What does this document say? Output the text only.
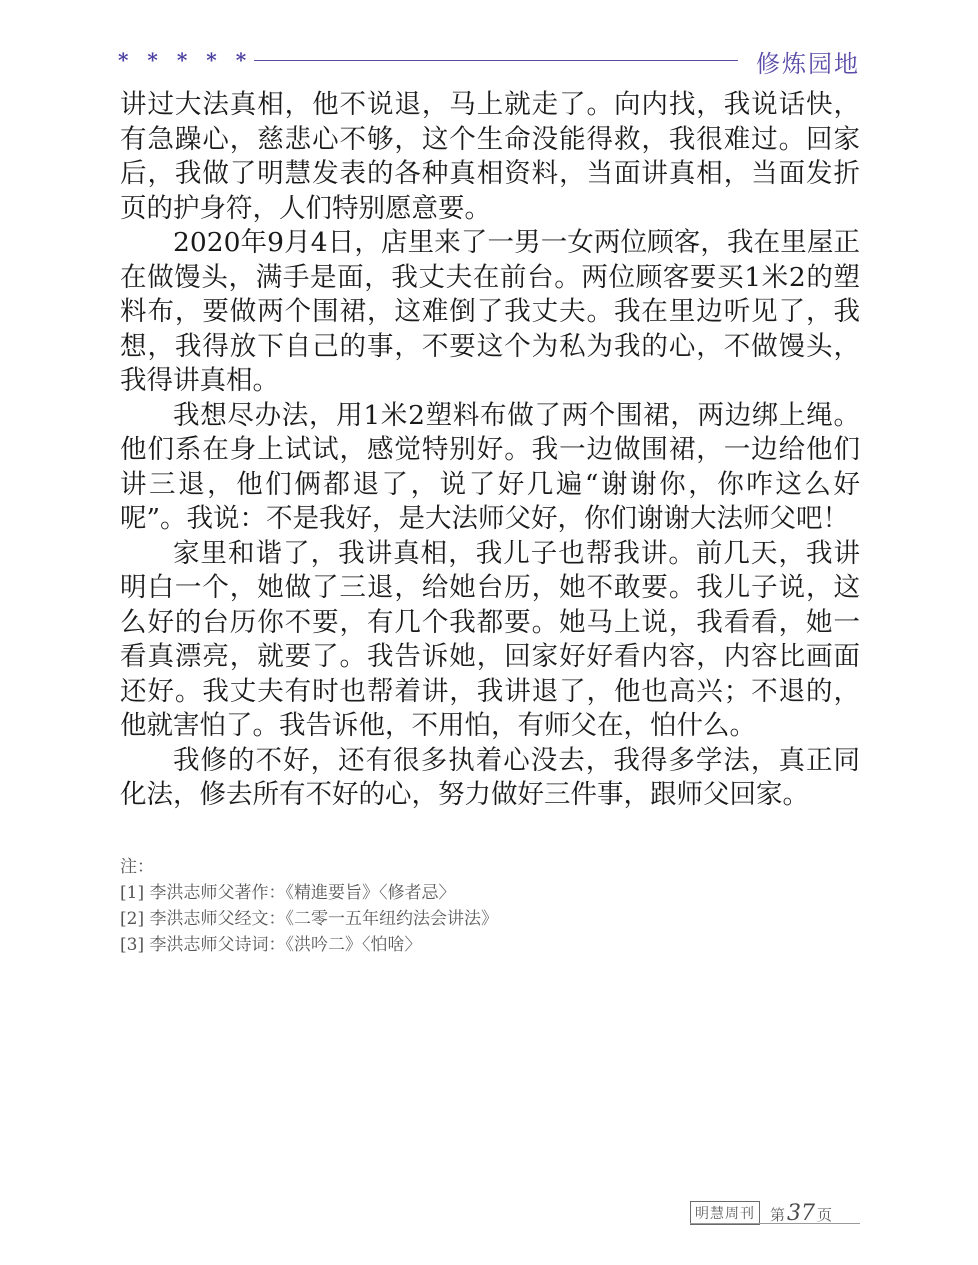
* * * * *	修炼园地

讲过大法真相，他不说退，马上就走了。向内找，我说话快，有急躁心，慈悲心不够，这个生命没能得救，我很难过。回家后，我做了明慧发表的各种真相资料，当面讲真相，当面发折页的护身符，人们特别愿意要。

2020年9月4日，店里来了一男一女两位顾客，我在里屋正在做馒头，满手是面，我丈夫在前台。两位顾客要买1米2的塑料布，要做两个围裙，这难倒了我丈夫。我在里边听见了，我想，我得放下自己的事，不要这个为私为我的心，不做馒头，我得讲真相。

我想尽办法，用1米2塑料布做了两个围裙，两边绑上绳。他们系在身上试试，感觉特别好。我一边做围裙，一边给他们讲三退，他们俩都退了，说了好几遍“谢谢你，你咋这么好呢”。我说：不是我好，是大法师父好，你们谢谢大法师父吧！

家里和谐了，我讲真相，我儿子也帮我讲。前几天，我讲明白一个，她做了三退，给她台历，她不敢要。我儿子说，这么好的台历你不要，有几个我都要。她马上说，我看看，她一看真漂亮，就要了。我告诉她，回家好好看内容，内容比画面还好。我丈夫有时也帮着讲，我讲退了，他也高兴；不退的，他就害怕了。我告诉他，不用怕，有师父在，怕什么。

我修的不好，还有很多执着心没去，我得多学法，真正同化法，修去所有不好的心，努力做好三件事，跟师父回家。

注：
[1] 李洪志师父著作：《精進要旨》〈修者忌〉
[2] 李洪志师父经文：《二零一五年纽约法会讲法》
[3] 李洪志师父诗词：《洪吟二》〈怕啥〉
明慧周刊	第 37 页
